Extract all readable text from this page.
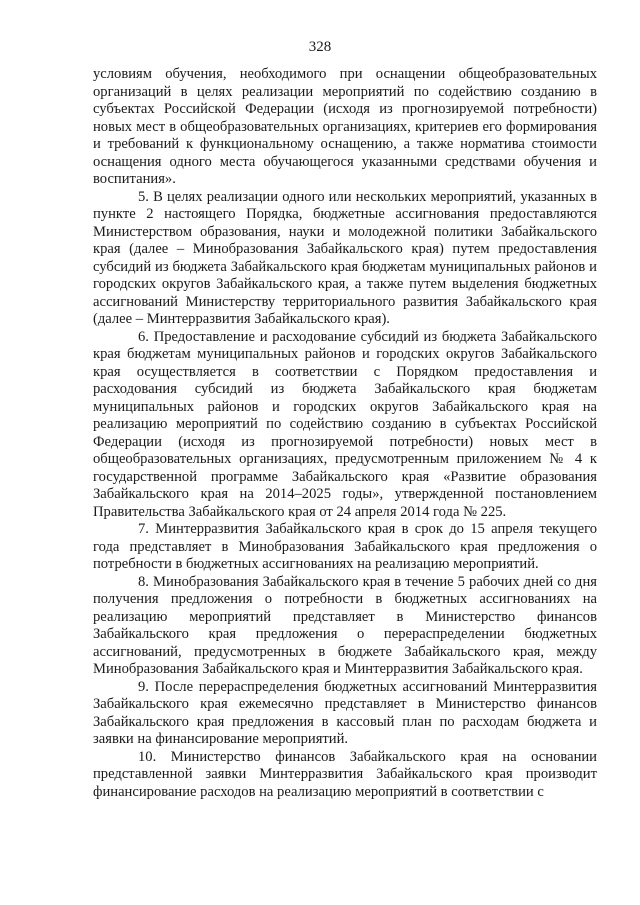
328

условиям обучения, необходимого при оснащении общеобразовательных организаций в целях реализации мероприятий по содействию созданию в субъектах Российской Федерации (исходя из прогнозируемой потребности) новых мест в общеобразовательных организациях, критериев его формирования и требований к функциональному оснащению, а также норматива стоимости оснащения одного места обучающегося указанными средствами обучения и воспитания».

5. В целях реализации одного или нескольких мероприятий, указанных в пункте 2 настоящего Порядка, бюджетные ассигнования предоставляются Министерством образования, науки и молодежной политики Забайкальского края (далее – Минобразования Забайкальского края) путем предоставления субсидий из бюджета Забайкальского края бюджетам муниципальных районов и городских округов Забайкальского края, а также путем выделения бюджетных ассигнований Министерству территориального развития Забайкальского края (далее – Минтерразвития Забайкальского края).

6. Предоставление и расходование субсидий из бюджета Забайкальского края бюджетам муниципальных районов и городских округов Забайкальского края осуществляется в соответствии с Порядком предоставления и расходования субсидий из бюджета Забайкальского края бюджетам муниципальных районов и городских округов Забайкальского края на реализацию мероприятий по содействию созданию в субъектах Российской Федерации (исходя из прогнозируемой потребности) новых мест в общеобразовательных организациях, предусмотренным приложением № 4 к государственной программе Забайкальского края «Развитие образования Забайкальского края на 2014–2025 годы», утвержденной постановлением Правительства Забайкальского края от 24 апреля 2014 года № 225.

7. Минтерразвития Забайкальского края в срок до 15 апреля текущего года представляет в Минобразования Забайкальского края предложения о потребности в бюджетных ассигнованиях на реализацию мероприятий.

8. Минобразования Забайкальского края в течение 5 рабочих дней со дня получения предложения о потребности в бюджетных ассигнованиях на реализацию мероприятий представляет в Министерство финансов Забайкальского края предложения о перераспределении бюджетных ассигнований, предусмотренных в бюджете Забайкальского края, между Минобразования Забайкальского края и Минтерразвития Забайкальского края.

9. После перераспределения бюджетных ассигнований Минтерразвития Забайкальского края ежемесячно представляет в Министерство финансов Забайкальского края предложения в кассовый план по расходам бюджета и заявки на финансирование мероприятий.

10. Министерство финансов Забайкальского края на основании представленной заявки Минтерразвития Забайкальского края производит финансирование расходов на реализацию мероприятий в соответствии с
